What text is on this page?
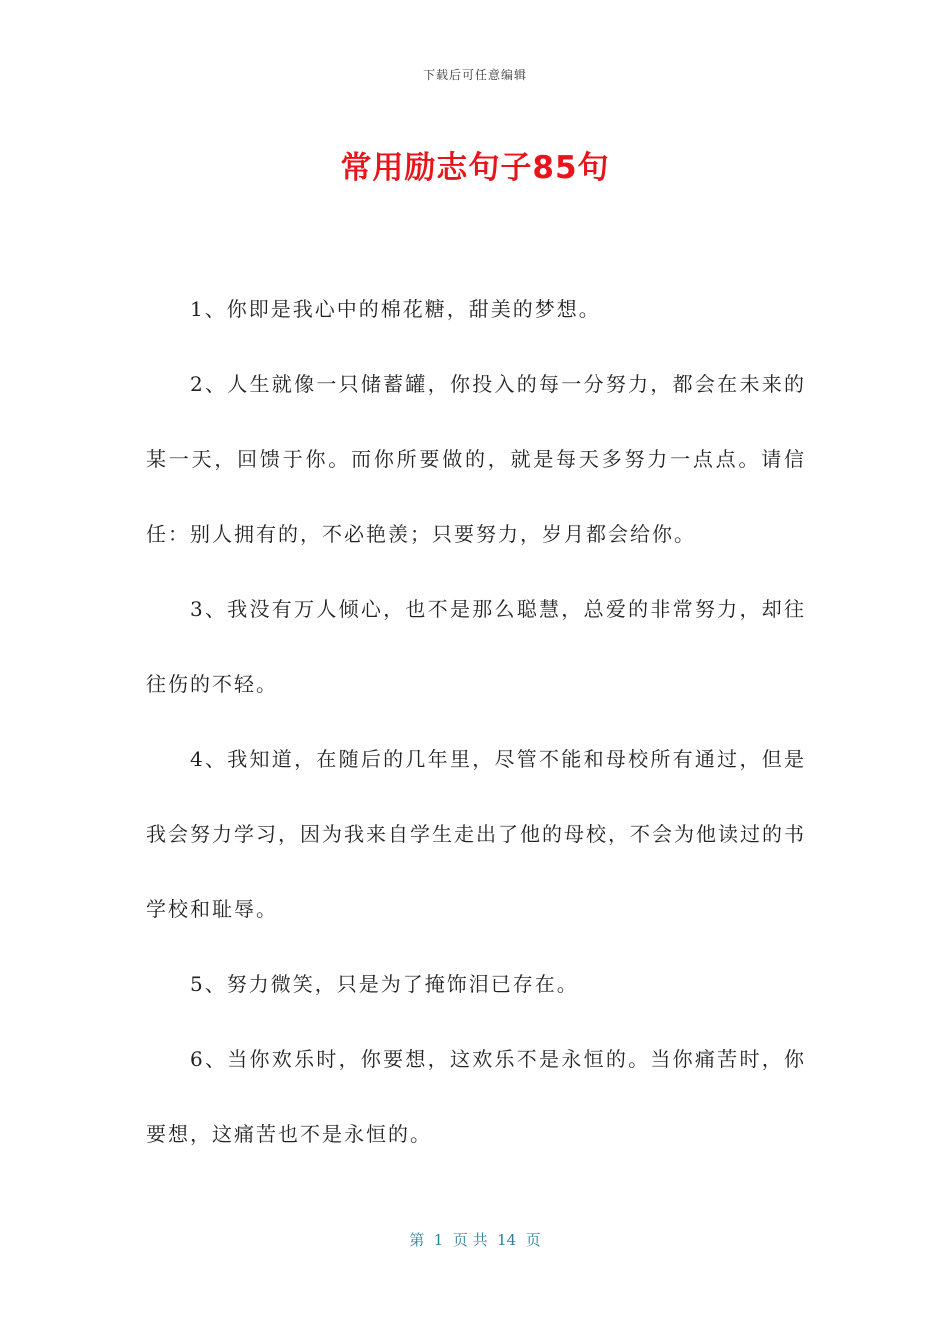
下载后可任意编辑
常用励志句子85句

1、你即是我心中的棉花糖，甜美的梦想。

2、人生就像一只储蓄罐，你投入的每一分努力，都会在未来的某一天，回馈于你。而你所要做的，就是每天多努力一点点。请信任：别人拥有的，不必艳羡；只要努力，岁月都会给你。

3、我没有万人倾心，也不是那么聪慧，总爱的非常努力，却往往伤的不轻。

4、我知道，在随后的几年里，尽管不能和母校所有通过，但是我会努力学习，因为我来自学生走出了他的母校，不会为他读过的书学校和耻辱。

5、努力微笑，只是为了掩饰泪已存在。

6、当你欢乐时，你要想，这欢乐不是永恒的。当你痛苦时，你要想，这痛苦也不是永恒的。

第  1  页 共  14  页
